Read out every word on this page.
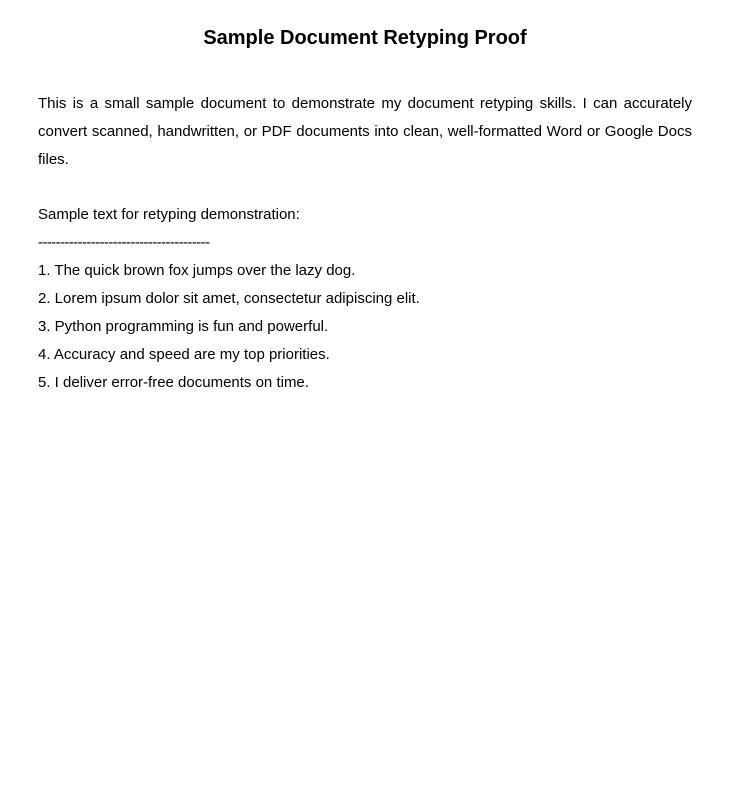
Sample Document Retyping Proof

This is a small sample document to demonstrate my document retyping skills. I can accurately convert scanned, handwritten, or PDF documents into clean, well-formatted Word or Google Docs files.

Sample text for retyping demonstration:

---------------------------------------

1. The quick brown fox jumps over the lazy dog.
2. Lorem ipsum dolor sit amet, consectetur adipiscing elit.
3. Python programming is fun and powerful.
4. Accuracy and speed are my top priorities.
5. I deliver error-free documents on time.
